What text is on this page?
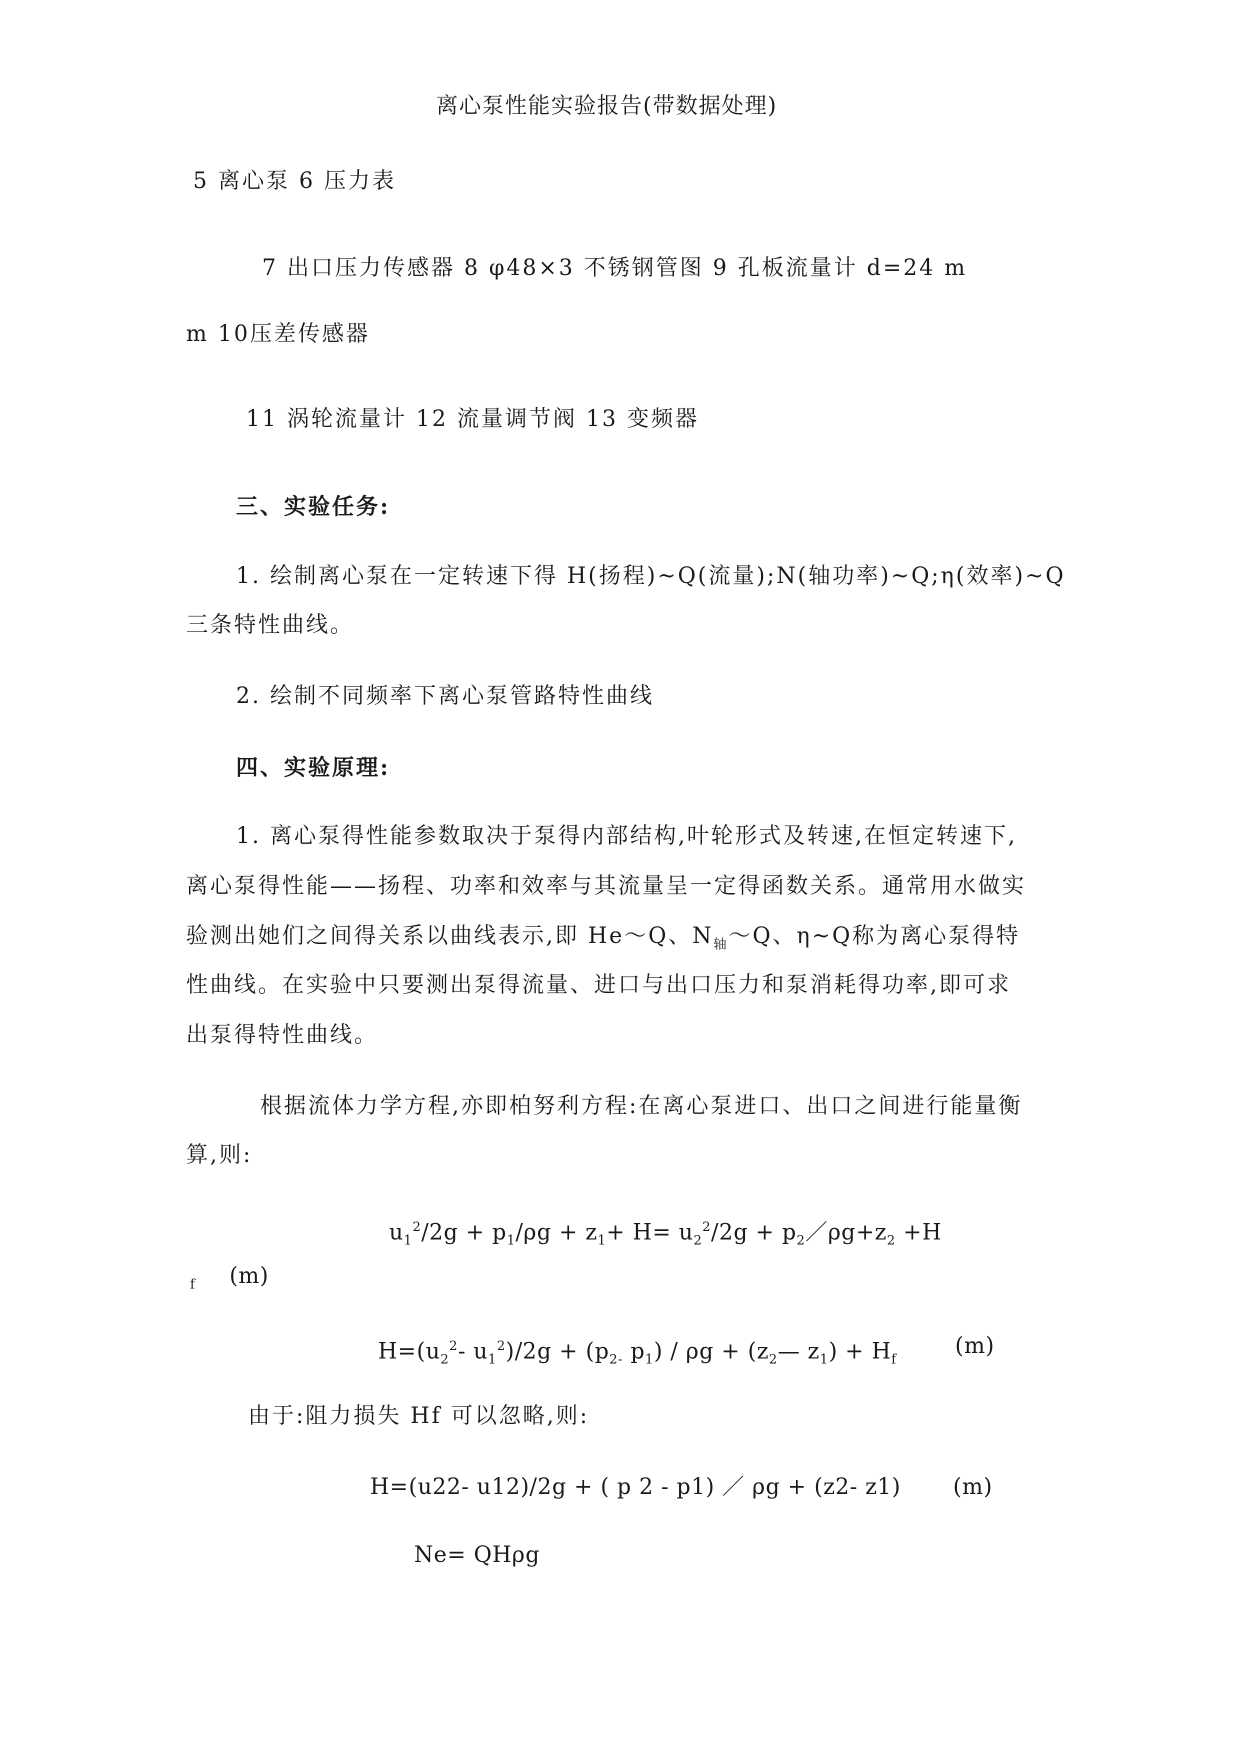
离心泵性能实验报告(带数据处理)
5 离心泵 6 压力表
7 出口压力传感器 8 φ48×3 不锈钢管图 9 孔板流量计 d=24 m
m 10压差传感器
11 涡轮流量计 12 流量调节阀 13 变频器
三、实验任务:
1. 绘制离心泵在一定转速下得 H(扬程)~Q(流量);N(轴功率)~Q;η(效率)~Q
三条特性曲线。
2. 绘制不同频率下离心泵管路特性曲线
四、实验原理:
1. 离心泵得性能参数取决于泵得内部结构,叶轮形式及转速,在恒定转速下,
离心泵得性能——扬程、功率和效率与其流量呈一定得函数关系。通常用水做实
验测出她们之间得关系以曲线表示,即 He～Q、$N_轴\sim Q$、η~Q称为离心泵得特
性曲线。在实验中只要测出泵得流量、进口与出口压力和泵消耗得功率,即可求
出泵得特性曲线。
根据流体力学方程,亦即柏努利方程:在离心泵进口、出口之间进行能量衡
算,则:
$u_1^2/2g + p_1/\rho g + z_1+ H= u_2^2/2g$ + $p_2/\rho g+z_2 +H$
$_f$ (m)
$H=(u_2^2-$ $u_1^2)/2g + (p_{2-}$ $p_1$) / $\rho g + (z_2—$ $z_1) + H_f$
(m)
由于:阻力损失 Hf 可以忽略,则:
H=(u22- u12)/2g + ( p 2 - p1) ／ ρg + (z2- z1) (m)
Ne= QHρg
